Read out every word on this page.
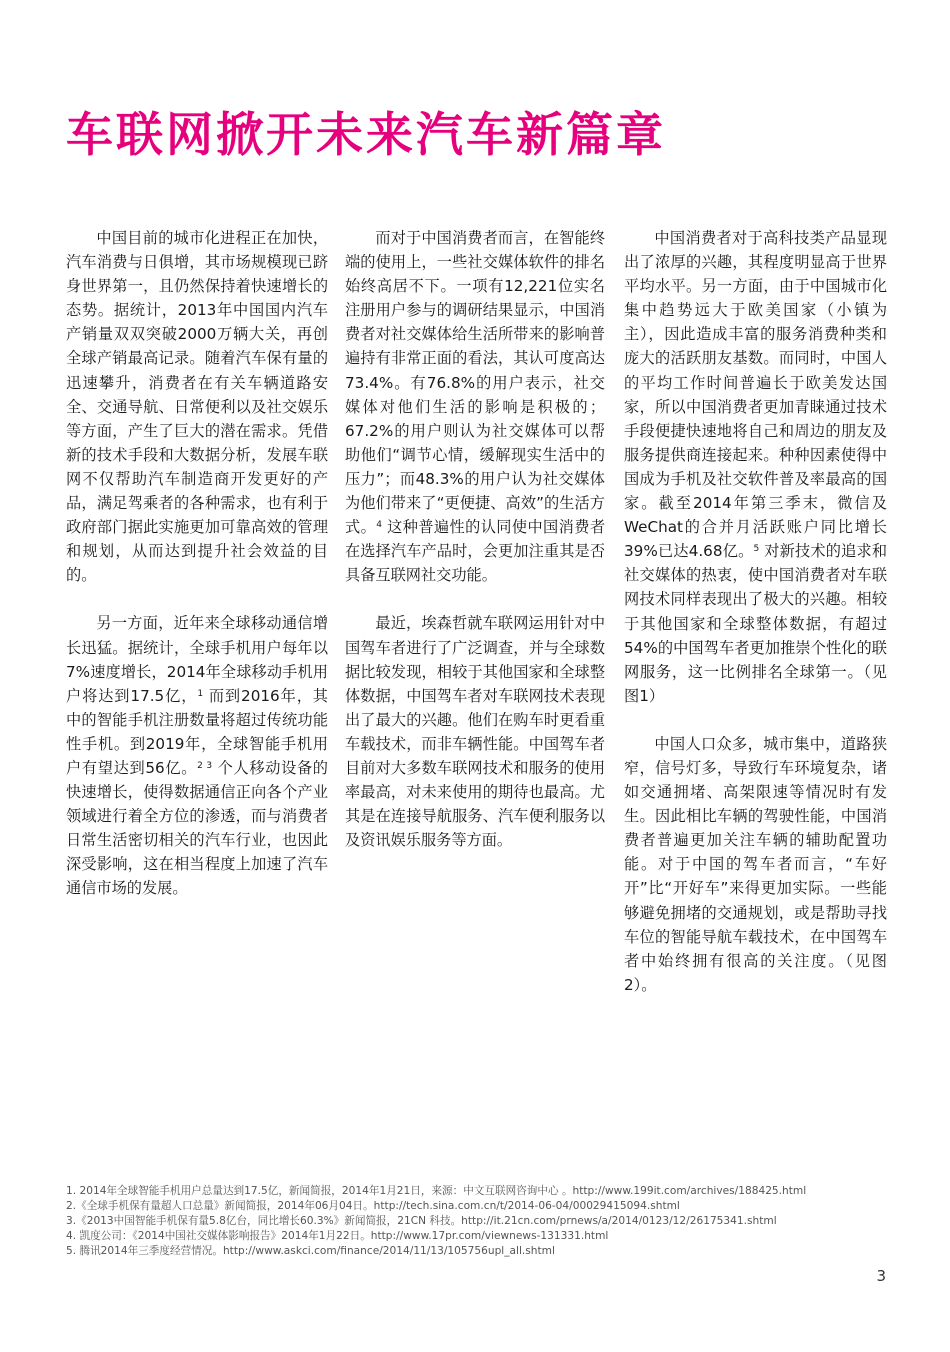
车联网掀开未来汽车新篇章

中国目前的城市化进程正在加快，汽车消费与日俱增，其市场规模现已跻身世界第一，且仍然保持着快速增长的态势。据统计，2013年中国国内汽车产销量双双突破2000万辆大关，再创全球产销最高记录。随着汽车保有量的迅速攀升，消费者在有关车辆道路安全、交通导航、日常便利以及社交娱乐等方面，产生了巨大的潜在需求。凭借新的技术手段和大数据分析，发展车联网不仅帮助汽车制造商开发更好的产品，满足驾乘者的各种需求，也有利于政府部门据此实施更加可靠高效的管理和规划，从而达到提升社会效益的目的。

另一方面，近年来全球移动通信增长迅猛。据统计，全球手机用户每年以7%速度增长，2014年全球移动手机用户将达到17.5亿，$^1$ 而到2016年，其中的智能手机注册数量将超过传统功能性手机。到2019年，全球智能手机用户有望达到56亿。$^{2 3}$ 个人移动设备的快速增长，使得数据通信正向各个产业领域进行着全方位的渗透，而与消费者日常生活密切相关的汽车行业，也因此深受影响，这在相当程度上加速了汽车通信市场的发展。

而对于中国消费者而言，在智能终端的使用上，一些社交媒体软件的排名始终高居不下。一项有12,221位实名注册用户参与的调研结果显示，中国消费者对社交媒体给生活所带来的影响普遍持有非常正面的看法，其认可度高达73.4%。有76.8%的用户表示，社交媒体对他们生活的影响是积极的；67.2%的用户则认为社交媒体可以帮助他们“调节心情，缓解现实生活中的压力”；而48.3%的用户认为社交媒体为他们带来了“更便捷、高效”的生活方式。$^4$ 这种普遍性的认同使中国消费者在选择汽车产品时，会更加注重其是否具备互联网社交功能。

最近，埃森哲就车联网运用针对中国驾车者进行了广泛调查，并与全球数据比较发现，相较于其他国家和全球整体数据，中国驾车者对车联网技术表现出了最大的兴趣。他们在购车时更看重车载技术，而非车辆性能。中国驾车者目前对大多数车联网技术和服务的使用率最高，对未来使用的期待也最高。尤其是在连接导航服务、汽车便利服务以及资讯娱乐服务等方面。

中国消费者对于高科技类产品显现出了浓厚的兴趣，其程度明显高于世界平均水平。另一方面，由于中国城市化集中趋势远大于欧美国家（小镇为主），因此造成丰富的服务消费种类和庞大的活跃朋友基数。而同时，中国人的平均工作时间普遍长于欧美发达国家，所以中国消费者更加青睐通过技术手段便捷快速地将自己和周边的朋友及服务提供商连接起来。种种因素使得中国成为手机及社交软件普及率最高的国家。截至2014年第三季末，微信及WeChat的合并月活跃账户同比增长39%已达4.68亿。$^5$ 对新技术的追求和社交媒体的热衷，使中国消费者对车联网技术同样表现出了极大的兴趣。相较于其他国家和全球整体数据，有超过54%的中国驾车者更加推崇个性化的联网服务，这一比例排名全球第一。（见图1）

中国人口众多，城市集中，道路狭窄，信号灯多，导致行车环境复杂，诸如交通拥堵、高架限速等情况时有发生。因此相比车辆的驾驶性能，中国消费者普遍更加关注车辆的辅助配置功能。对于中国的驾车者而言，“车好开”比“开好车”来得更加实际。一些能够避免拥堵的交通规划，或是帮助寻找车位的智能导航车载技术，在中国驾车者中始终拥有很高的关注度。（见图2）。

1. 2014年全球智能手机用户总量达到17.5亿，新闻简报，2014年1月21日，来源：中文互联网咨询中心 。http://www.199it.com/archives/188425.html
2.《全球手机保有量超人口总量》新闻简报，2014年06月04日。http://tech.sina.com.cn/t/2014-06-04/00029415094.shtml
3.《2013中国智能手机保有量5.8亿台，同比增长60.3%》新闻简报，21CN 科技。http://it.21cn.com/prnews/a/2014/0123/12/26175341.shtml
4. 凯度公司：《2014中国社交媒体影响报告》2014年1月22日。http://www.17pr.com/viewnews-131331.html
5. 腾讯2014年三季度经营情况。http://www.askci.com/finance/2014/11/13/105756upl_all.shtml
3
